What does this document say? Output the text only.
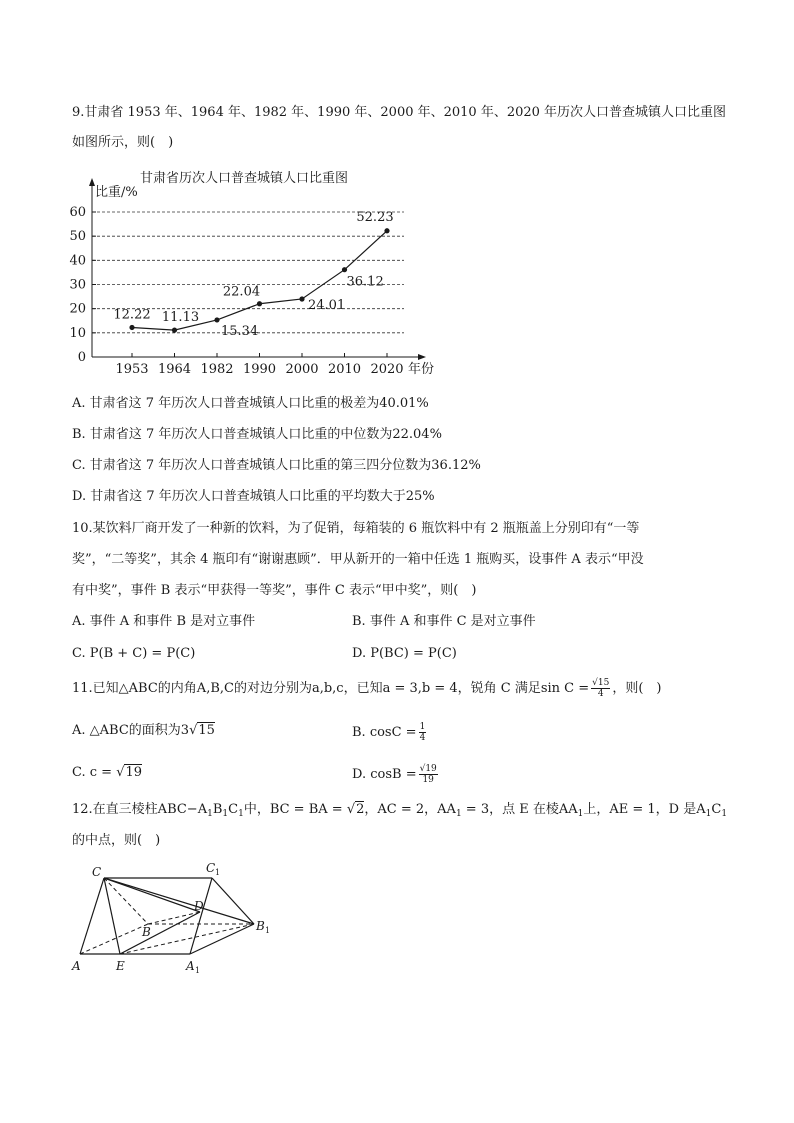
9.甘肃省 1953 年、1964 年、1982 年、1990 年、2000 年、2010 年、2020 年历次人口普查城镇人口比重图
如图所示，则(　)
甘肃省历次人口普查城镇人口比重图
0
10
20
30
40
50
60
比重/%
年份
1953 1964 1982 1990 2000 2010 2020
12.22 11.13
15.34
22.04
24.01
36.12
52.23
A. 甘肃省这 7 年历次人口普查城镇人口比重的极差为40.01%
B. 甘肃省这 7 年历次人口普查城镇人口比重的中位数为22.04%
C. 甘肃省这 7 年历次人口普查城镇人口比重的第三四分位数为36.12%
D. 甘肃省这 7 年历次人口普查城镇人口比重的平均数大于25%
10.某饮料厂商开发了一种新的饮料，为了促销，每箱装的 6 瓶饮料中有 2 瓶瓶盖上分别印有“一等
奖”，“二等奖”，其余 4 瓶印有“谢谢惠顾”．甲从新开的一箱中任选 1 瓶购买，设事件 A 表示“甲没
有中奖”，事件 B 表示“甲获得一等奖”，事件 C 表示“甲中奖”，则(　)
A. 事件 A 和事件 B 是对立事件	B. 事件 A 和事件 C 是对立事件
C. P(B + C) = P(C)	D. P(BC) = P(C)
11.已知△ABC的内角A,B,C的对边分别为a,b,c，已知a = 3,b = 4，锐角 C 满足$\sin C = \frac{√15}{4}$ ，则(　)
A. △ABC的面积为3√15	B. $\cos C = \frac{1}{4}$
C. c = √19	D. $\cos B = \frac{√19}{19}$
12.在直三棱柱$ABC-A_1B_1C_1$中，BC = BA = √2，AC = 2，$AA_1 = 3$，点 E 在棱$AA_1$上，AE = 1，D 是$A_1C_1$
的中点，则(　)
C	C 1
D
B	B 1
A	E	A 1
